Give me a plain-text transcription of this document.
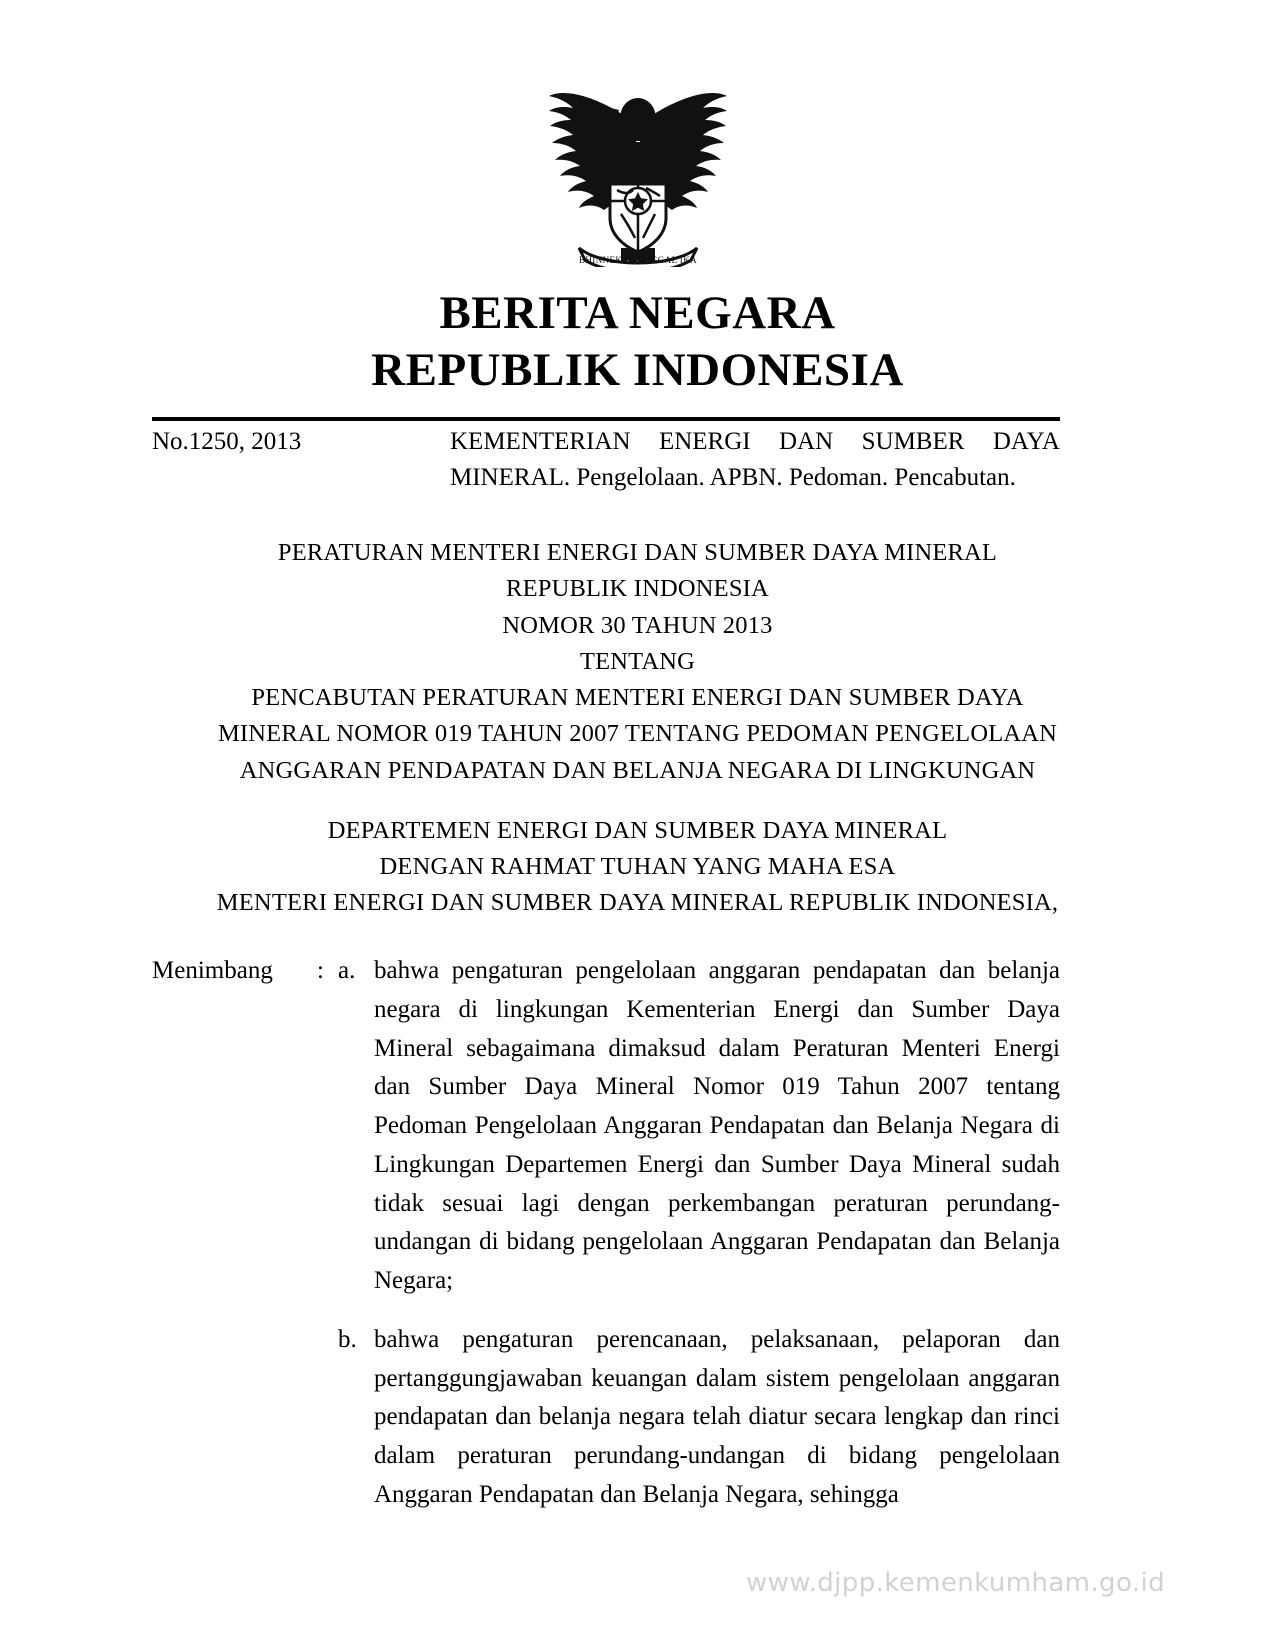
BHINNEKA TUNGGAL IKA
BERITA NEGARA
REPUBLIK INDONESIA
No.1250, 2013	KEMENTERIAN ENERGI DAN SUMBER DAYA MINERAL. Pengelolaan. APBN. Pedoman. Pencabutan.
PERATURAN MENTERI ENERGI DAN SUMBER DAYA MINERAL
REPUBLIK INDONESIA
NOMOR 30 TAHUN 2013
TENTANG
PENCABUTAN PERATURAN MENTERI ENERGI DAN SUMBER DAYA
MINERAL NOMOR 019 TAHUN 2007 TENTANG PEDOMAN PENGELOLAAN
ANGGARAN PENDAPATAN DAN BELANJA NEGARA DI LINGKUNGAN
DEPARTEMEN ENERGI DAN SUMBER DAYA MINERAL
DENGAN RAHMAT TUHAN YANG MAHA ESA
MENTERI ENERGI DAN SUMBER DAYA MINERAL REPUBLIK INDONESIA,
Menimbang : a. bahwa pengaturan pengelolaan anggaran pendapatan dan belanja negara di lingkungan Kementerian Energi dan Sumber Daya Mineral sebagaimana dimaksud dalam Peraturan Menteri Energi dan Sumber Daya Mineral Nomor 019 Tahun 2007 tentang Pedoman Pengelolaan Anggaran Pendapatan dan Belanja Negara di Lingkungan Departemen Energi dan Sumber Daya Mineral sudah tidak sesuai lagi dengan perkembangan peraturan perundang-undangan di bidang pengelolaan Anggaran Pendapatan dan Belanja Negara;
b. bahwa pengaturan perencanaan, pelaksanaan, pelaporan dan pertanggungjawaban keuangan dalam sistem pengelolaan anggaran pendapatan dan belanja negara telah diatur secara lengkap dan rinci dalam peraturan perundang-undangan di bidang pengelolaan Anggaran Pendapatan dan Belanja Negara, sehingga
www.djpp.kemenkumham.go.id
